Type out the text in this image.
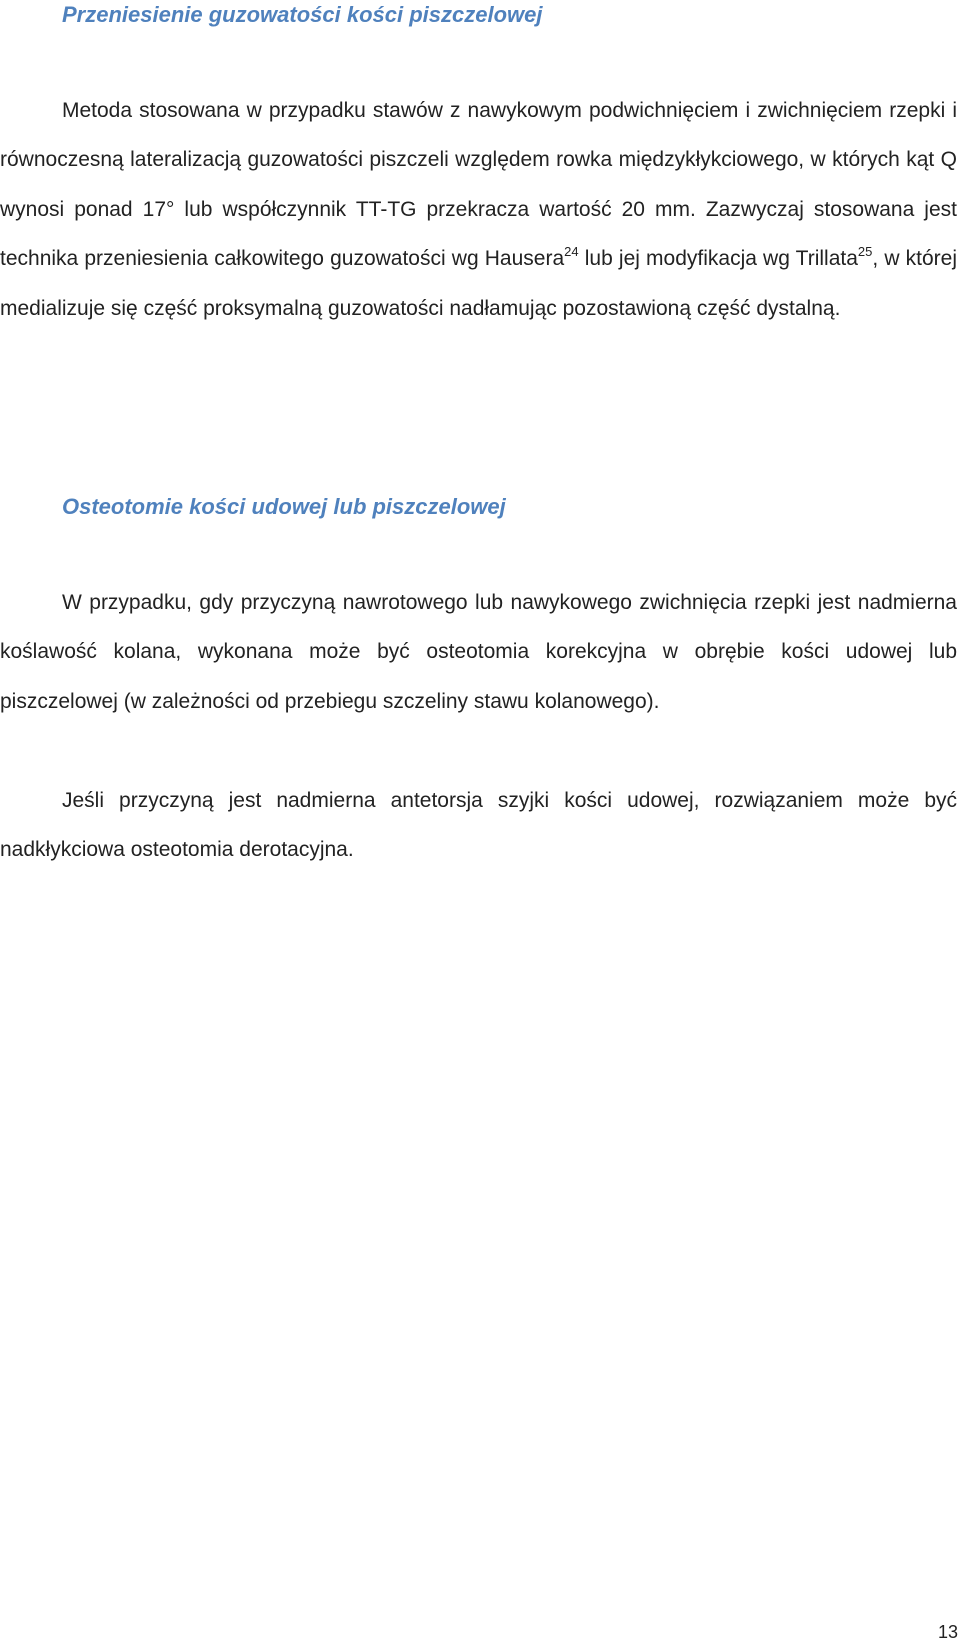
Przeniesienie guzowatości kości piszczelowej

Metoda stosowana w przypadku stawów z nawykowym podwichnięciem i zwichnięciem rzepki i równoczesną lateralizacją guzowatości piszczeli względem rowka międzykłykciowego, w których kąt Q wynosi ponad 17° lub współczynnik TT-TG przekracza wartość 20 mm. Zazwyczaj stosowana jest technika przeniesienia całkowitego guzowatości wg Hausera$^{24}$ lub jej modyfikacja wg Trillata$^{25}$, w której medializuje się część proksymalną guzowatości nadłamując pozostawioną część dystalną.

Osteotomie kości udowej lub piszczelowej

W przypadku, gdy przyczyną nawrotowego lub nawykowego zwichnięcia rzepki jest nadmierna koślawość kolana, wykonana może być osteotomia korekcyjna w obrębie kości udowej lub piszczelowej (w zależności od przebiegu szczeliny stawu kolanowego).

Jeśli przyczyną jest nadmierna antetorsja szyjki kości udowej, rozwiązaniem może być nadkłykciowa osteotomia derotacyjna.

13
